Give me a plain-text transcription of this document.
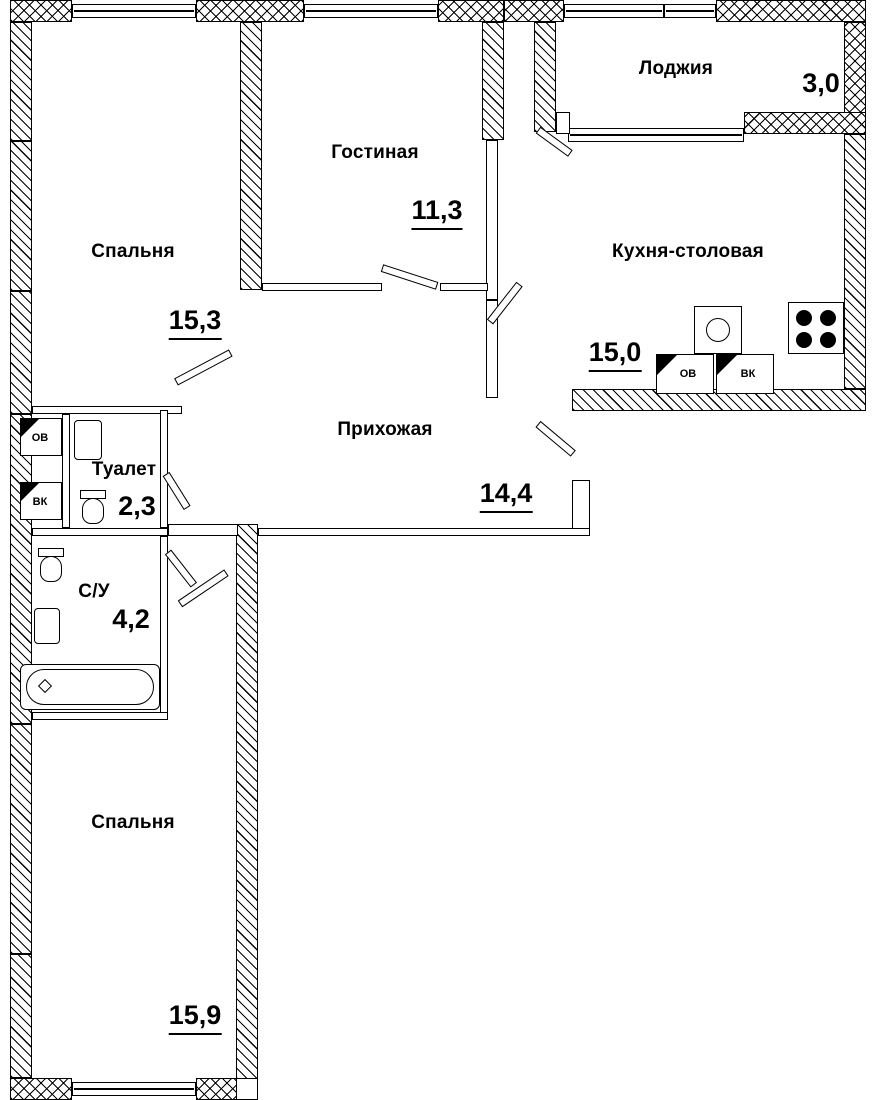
ОВ
ВК
ОВ	ВК
Спальня
15,3
Гостиная
11,3
Лоджия	3,0
Кухня-столовая
15,0
Прихожая
14,4
Туалет
2,3
С/У
4,2
Спальня
15,9
